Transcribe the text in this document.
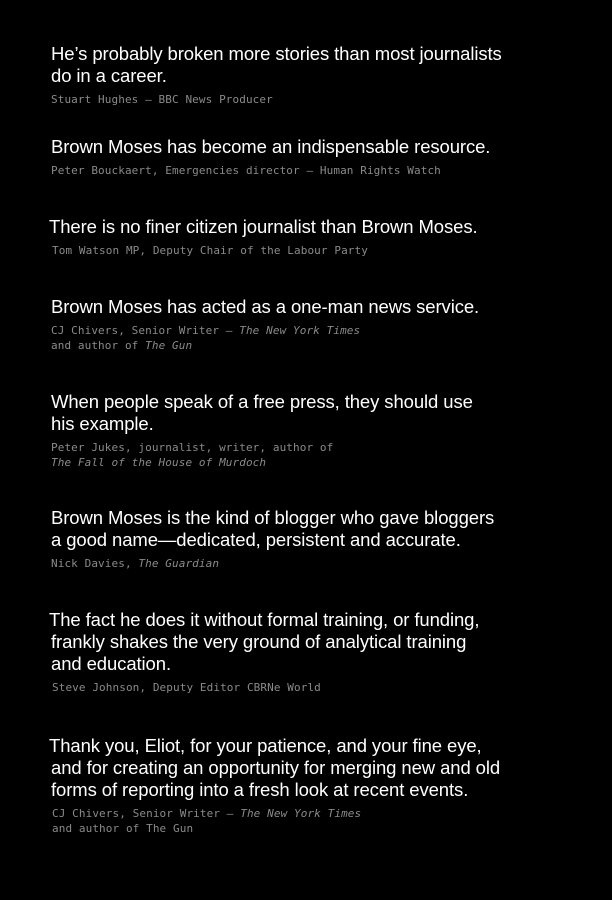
He’s probably broken more stories than most journalists
do in a career.

Stuart Hughes — BBC News Producer

Brown Moses has become an indispensable resource.

Peter Bouckaert, Emergencies director — Human Rights Watch

There is no finer citizen journalist than Brown Moses.

Tom Watson MP, Deputy Chair of the Labour Party

Brown Moses has acted as a one-man news service.

CJ Chivers, Senior Writer — The New York Times
and author of The Gun

When people speak of a free press, they should use
his example.

Peter Jukes, journalist, writer, author of
The Fall of the House of Murdoch

Brown Moses is the kind of blogger who gave bloggers
a good name—dedicated, persistent and accurate.

Nick Davies, The Guardian

The fact he does it without formal training, or funding,
frankly shakes the very ground of analytical training
and education.

Steve Johnson, Deputy Editor CBRNe World

Thank you, Eliot, for your patience, and your fine eye,
and for creating an opportunity for merging new and old
forms of reporting into a fresh look at recent events.

CJ Chivers, Senior Writer — The New York Times
and author of The Gun
